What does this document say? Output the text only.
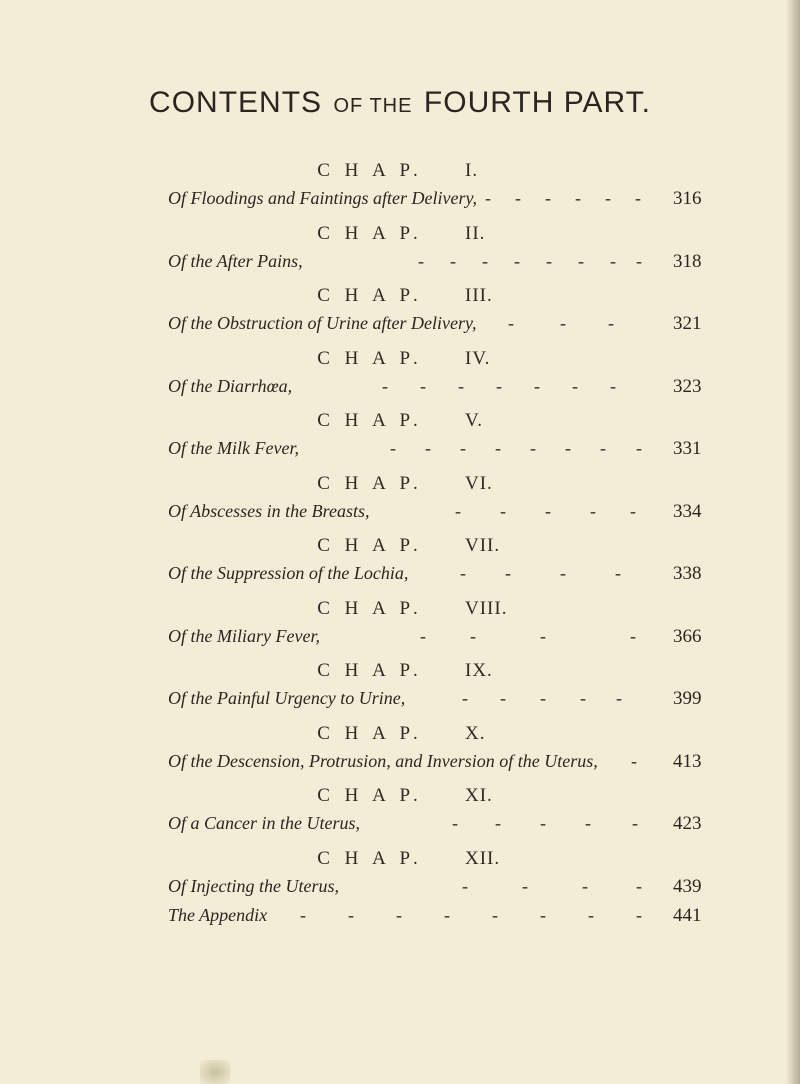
CONTENTS OF THE FOURTH PART.
C H A P. I.
Of Floodings and Faintings after Delivery, - - - - - - 316
C H A P. II.
Of the After Pains,	- - - - - - - - 318
C H A P. III.
Of the Obstruction of Urine after Delivery, -	- -	321
C H A P. IV.
Of the Diarrhœa,	- - - - - - -	323
C H A P. V.
Of the Milk Fever,	- - - - - - - - 331
C H A P. VI.
Of Abscesses in the Breasts,	- - - - - 334
C H A P. VII.
Of the Suppression of the Lochia,	- -	-	-	338
C H A P. VIII.
Of the Miliary Fever,	- -	-	- 366
C H A P. IX.
Of the Painful Urgency to Urine,	- - - - -	399
C H A P. X.
Of the Descension, Protrusion, and Inversion of the Uterus, - 413
C H A P. XI.
Of a Cancer in the Uterus,	- - - - - 423
C H A P. XII.
Of Injecting the Uterus,	-	-	-	- 439
The Appendix - - - - - - - - 441
